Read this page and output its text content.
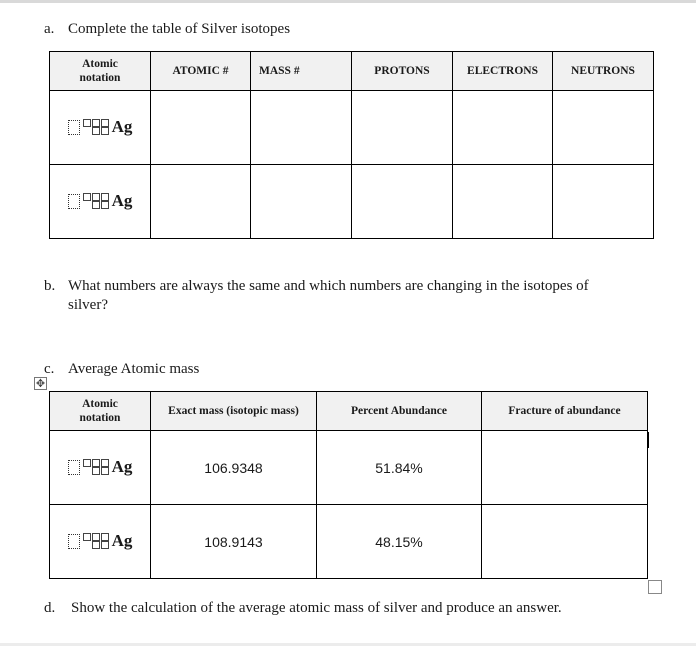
a. Complete the table of Silver isotopes
Atomic
notation	ATOMIC #	MASS #	PROTONS	ELECTRONS	NEUTRONS

Ag					

Ag					

b. What numbers are always the same and which numbers are changing in the isotopes of
silver?
c. Average Atomic mass
✥
Atomic
notation	Exact mass (isotopic mass)	Percent Abundance	Fracture of abundance

Ag	106.9348	51.84%	

Ag	108.9143	48.15%	
d. Show the calculation of the average atomic mass of silver and produce an answer.
